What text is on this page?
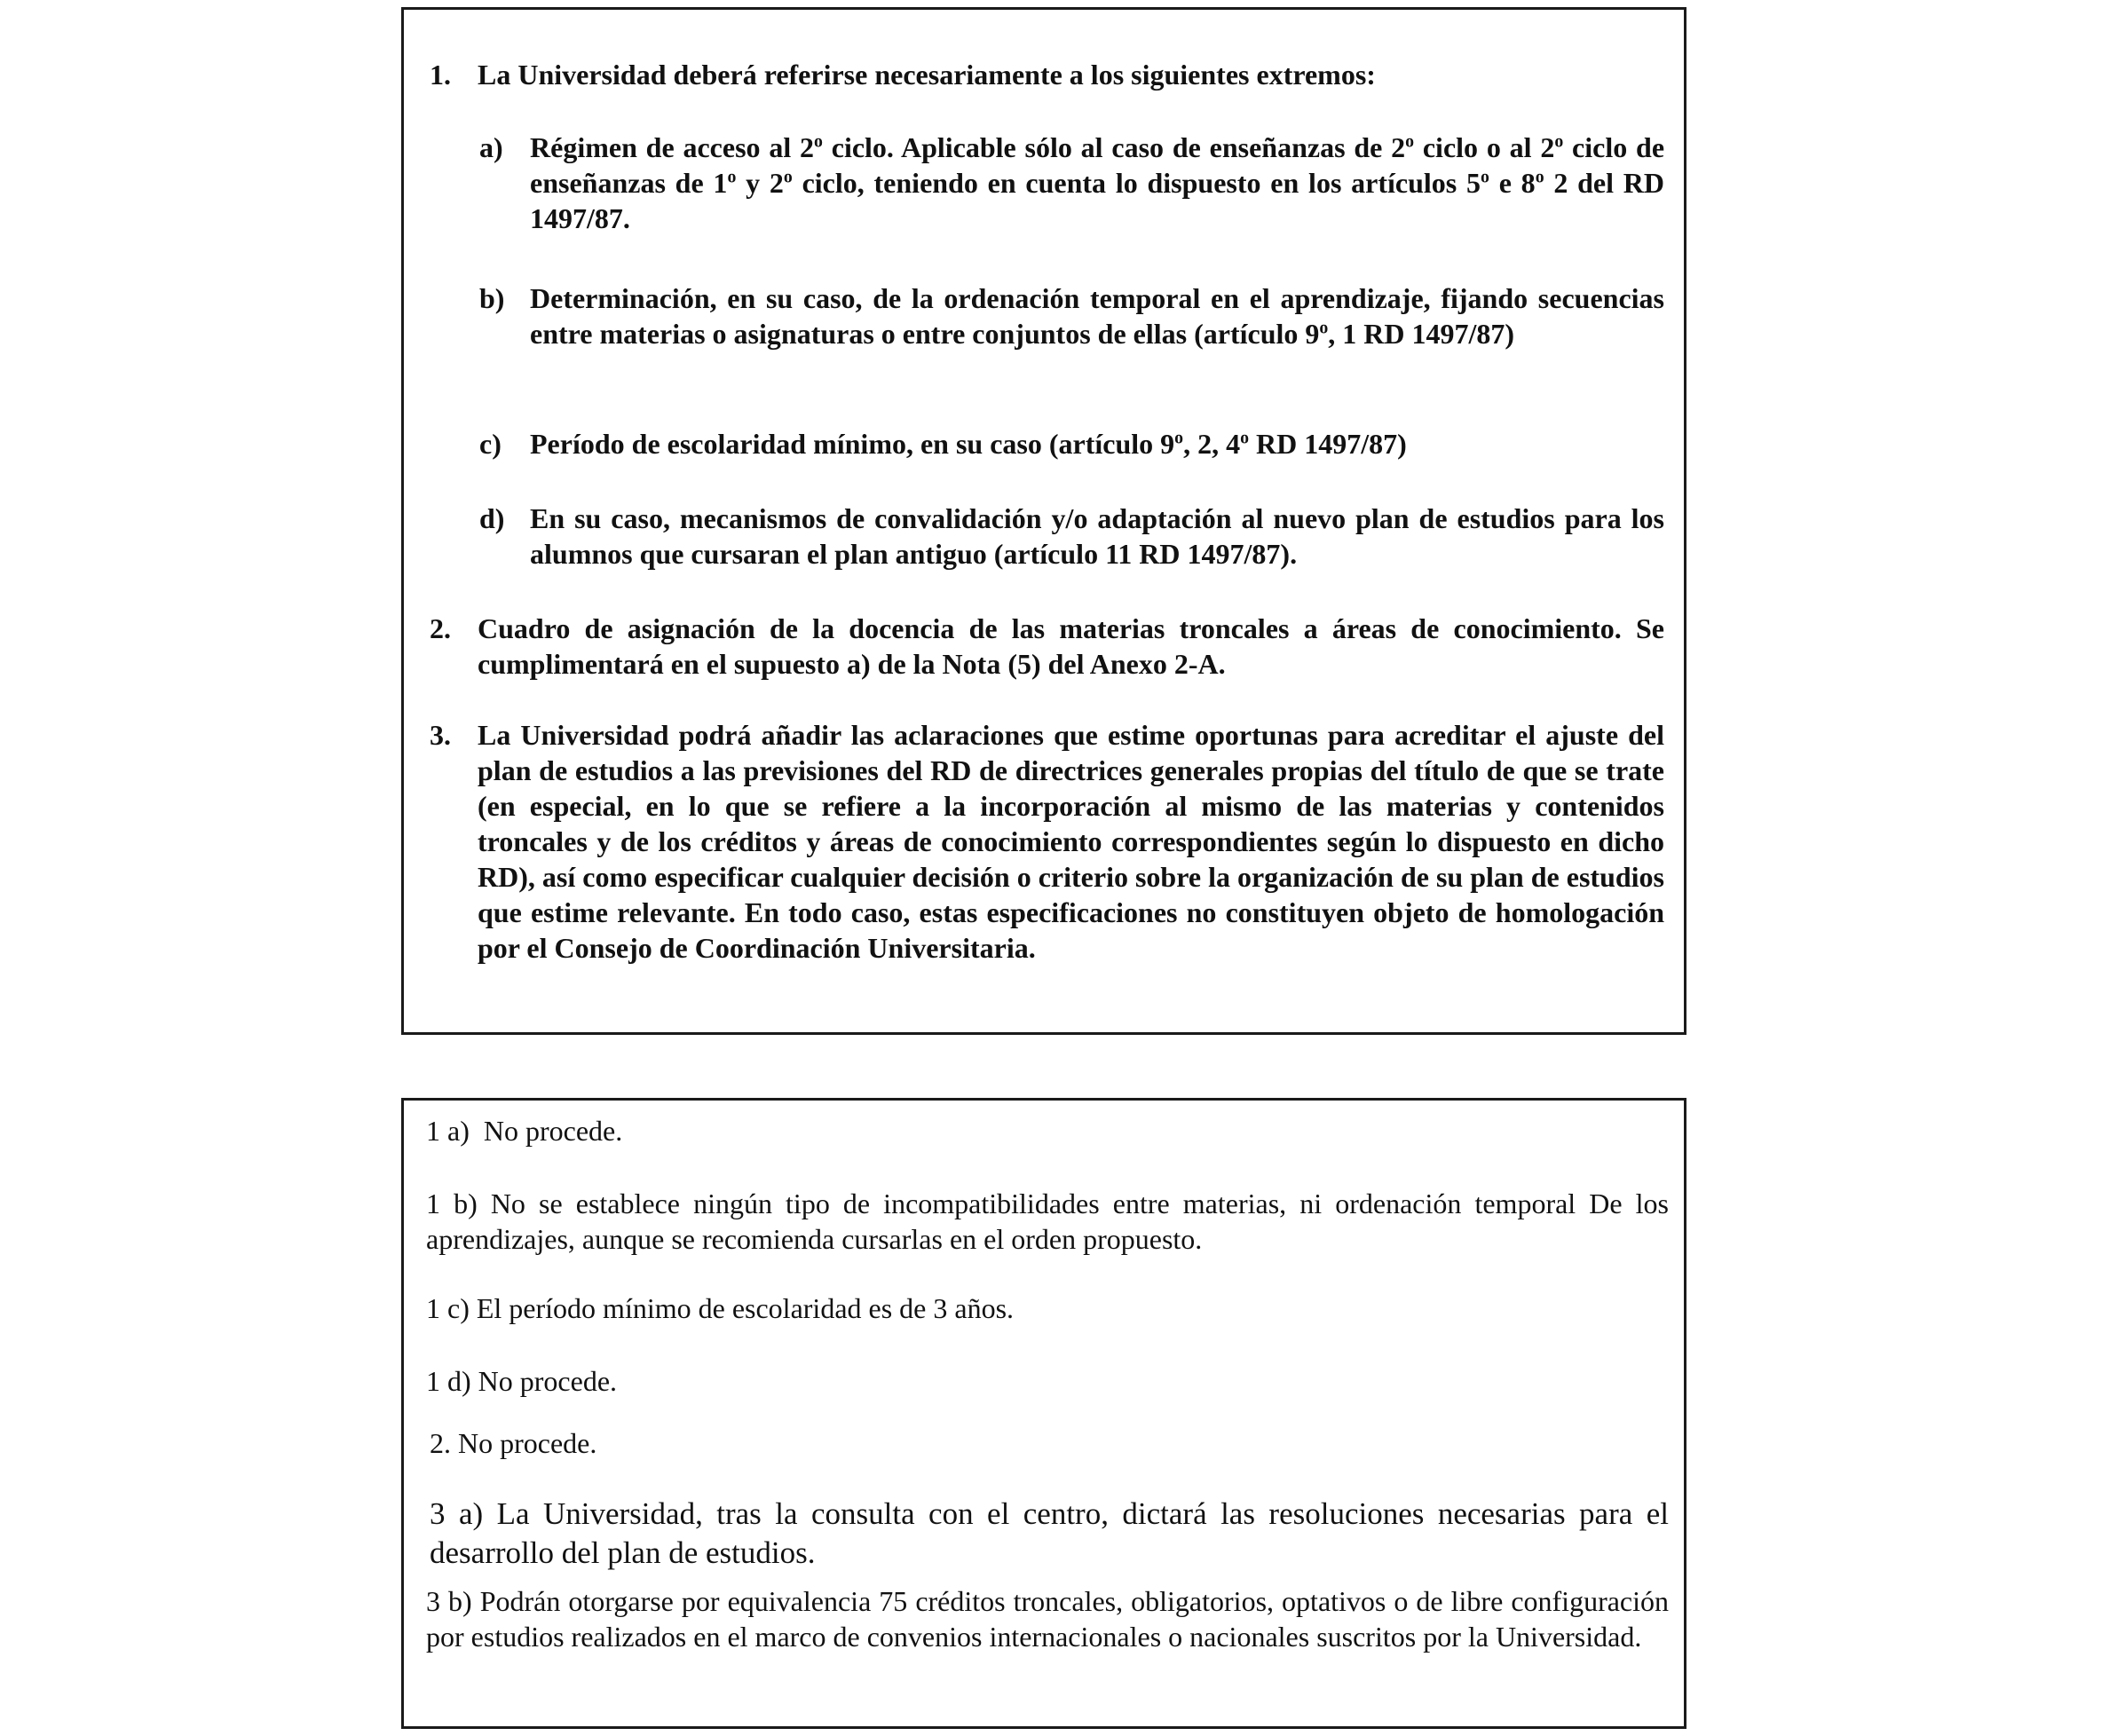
1. La Universidad deberá referirse necesariamente a los siguientes extremos:
a) Régimen de acceso al 2$^o$ ciclo. Aplicable sólo al caso de enseñanzas de 2$^o$ ciclo o al 2$^o$ ciclo de enseñanzas de 1$^o$ y 2$^o$ ciclo, teniendo en cuenta lo dispuesto en los artículos 5$^o$ e 8$^o$ 2 del RD 1497/87.

b) Determinación, en su caso, de la ordenación temporal en el aprendizaje, fijando secuencias entre materias o asignaturas o entre conjuntos de ellas (artículo 9$^o$, 1 RD 1497/87)

c) Período de escolaridad mínimo, en su caso (artículo 9$^o$, 2, 4$^o$ RD 1497/87)

d) En su caso, mecanismos de convalidación y/o adaptación al nuevo plan de estudios para los alumnos que cursaran el plan antiguo (artículo 11 RD 1497/87).

2. Cuadro de asignación de la docencia de las materias troncales a áreas de conocimiento. Se cumplimentará en el supuesto a) de la Nota (5) del Anexo 2-A.

3. La Universidad podrá añadir las aclaraciones que estime oportunas para acreditar el ajuste del plan de estudios a las previsiones del RD de directrices generales propias del título de que se trate (en especial, en lo que se refiere a la incorporación al mismo de las materias y contenidos troncales y de los créditos y áreas de conocimiento correspondientes según lo dispuesto en dicho RD), así como especificar cualquier decisión o criterio sobre la organización de su plan de estudios que estime relevante. En todo caso, estas especificaciones no constituyen objeto de homologación por el Consejo de Coordinación Universitaria.

1 a) No procede.

1 b) No se establece ningún tipo de incompatibilidades entre materias, ni ordenación temporal De los aprendizajes, aunque se recomienda cursarlas en el orden propuesto.

1 c) El período mínimo de escolaridad es de 3 años.

1 d) No procede.

2. No procede.

3 a) La Universidad, tras la consulta con el centro, dictará las resoluciones necesarias para el desarrollo del plan de estudios.

3 b) Podrán otorgarse por equivalencia 75 créditos troncales, obligatorios, optativos o de libre configuración por estudios realizados en el marco de convenios internacionales o nacionales suscritos por la Universidad.
